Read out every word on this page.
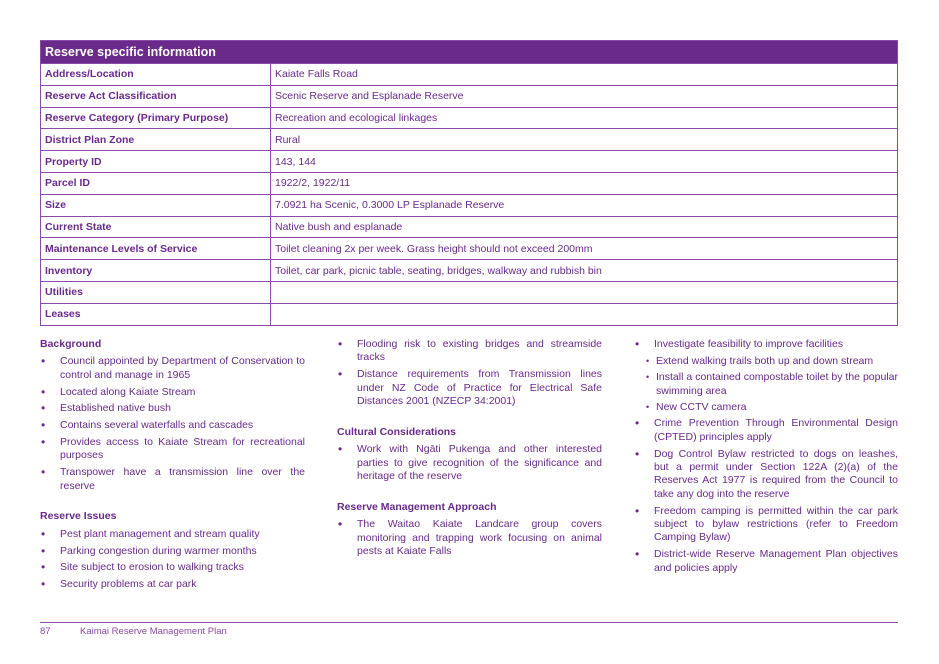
Reserve specific information	
Address/Location	Kaiate Falls Road
Reserve Act Classification	Scenic Reserve and Esplanade Reserve
Reserve Category (Primary Purpose)	Recreation and ecological linkages
District Plan Zone	Rural
Property ID	143, 144
Parcel ID	1922/2, 1922/11
Size	7.0921 ha Scenic, 0.3000 LP Esplanade Reserve
Current State	Native bush and esplanade
Maintenance Levels of Service	Toilet cleaning 2x per week. Grass height should not exceed 200mm
Inventory	Toilet, car park, picnic table, seating, bridges, walkway and rubbish bin
Utilities	
Leases	
Background
• Council appointed by Department of Conservation to control and manage in 1965
• Located along Kaiate Stream
• Established native bush
• Contains several waterfalls and cascades
• Provides access to Kaiate Stream for recreational purposes
• Transpower have a transmission line over the reserve
Reserve Issues
• Pest plant management and stream quality
• Parking congestion during warmer months
• Site subject to erosion to walking tracks
• Security problems at car park
• Flooding risk to existing bridges and streamside tracks
• Distance requirements from Transmission lines under NZ Code of Practice for Electrical Safe Distances 2001 (NZECP 34:2001)
Cultural Considerations
• Work with Ngāti Pukenga and other interested parties to give recognition of the significance and heritage of the reserve
Reserve Management Approach
• The Waitao Kaiate Landcare group covers monitoring and trapping work focusing on animal pests at Kaiate Falls
• Investigate feasibility to improve facilities
• Extend walking trails both up and down stream
• Install a contained compostable toilet by the popular swimming area
• New CCTV camera
• Crime Prevention Through Environmental Design (CPTED) principles apply
• Dog Control Bylaw restricted to dogs on leashes, but a permit under Section 122A (2)(a) of the Reserves Act 1977 is required from the Council to take any dog into the reserve
• Freedom camping is permitted within the car park subject to bylaw restrictions (refer to Freedom Camping Bylaw)
• District-wide Reserve Management Plan objectives and policies apply
87	Kaimai Reserve Management Plan
